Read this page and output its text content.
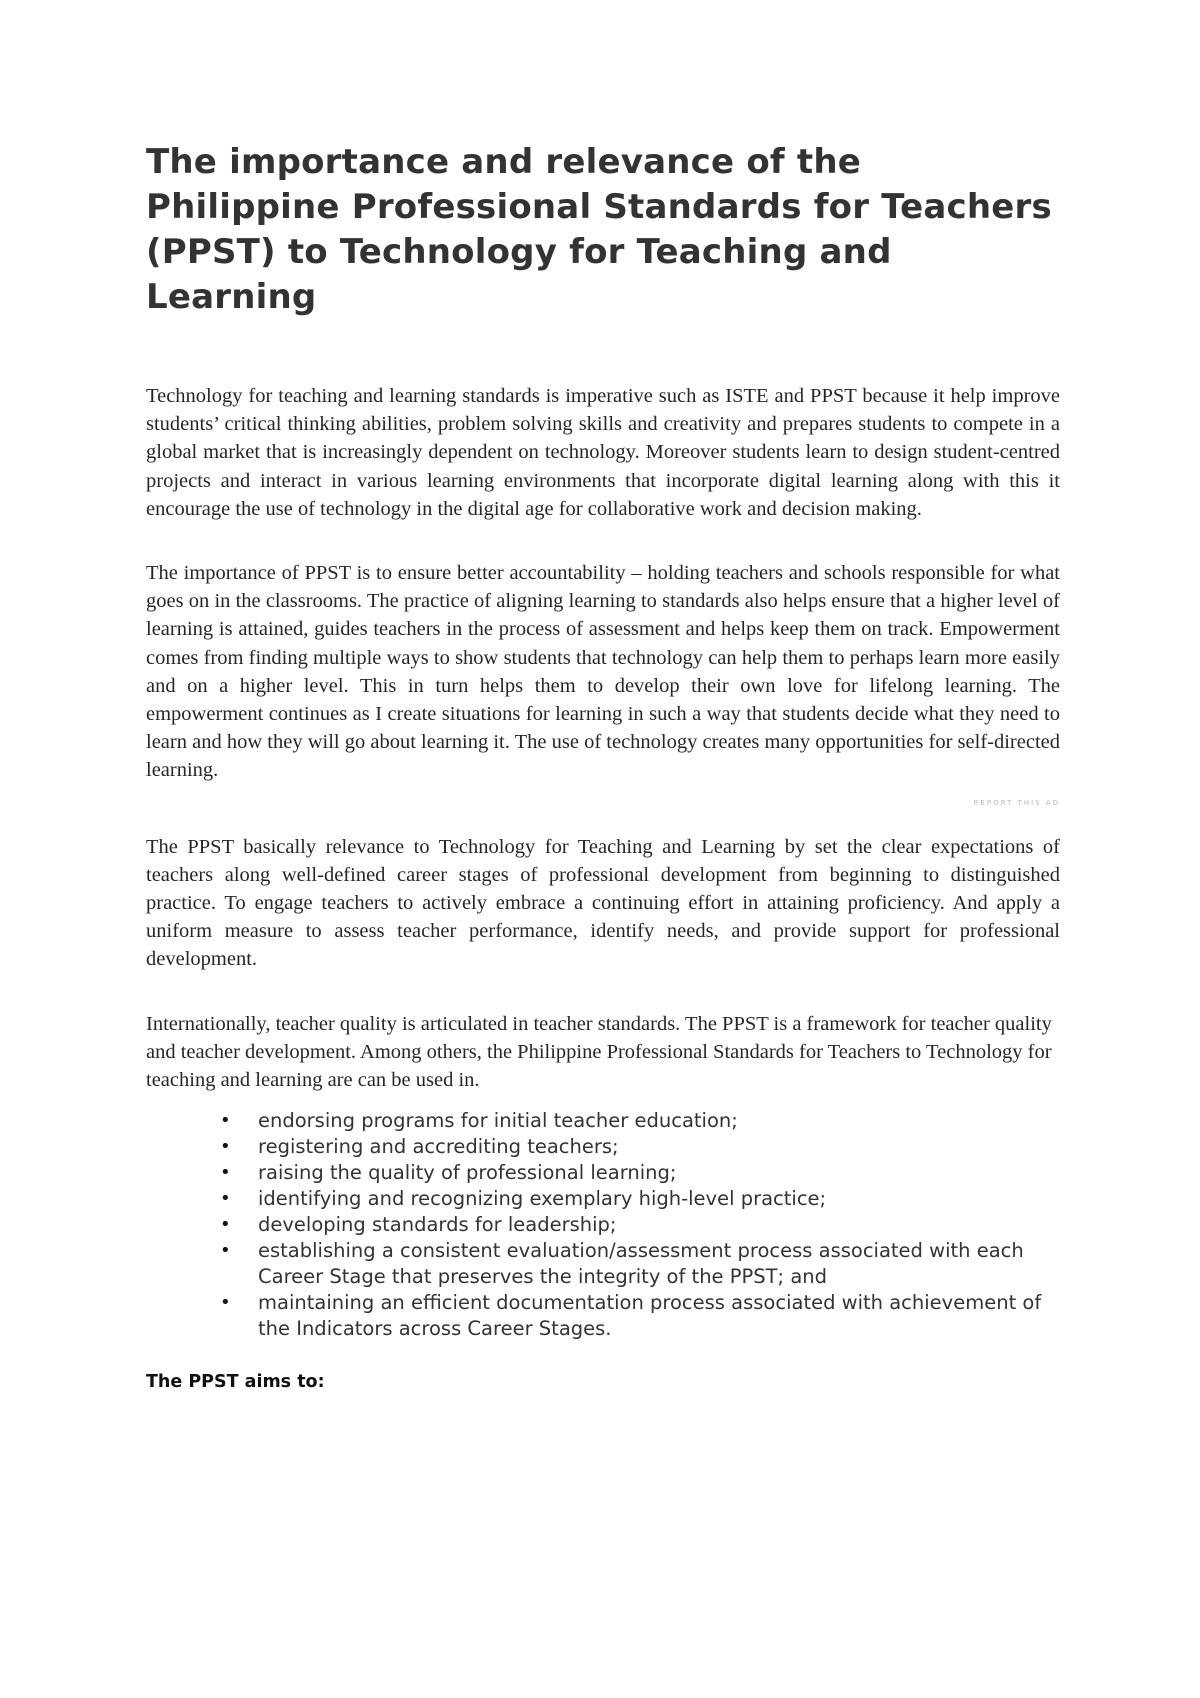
The importance and relevance of the Philippine Professional Standards for Teachers (PPST) to Technology for Teaching and Learning

Technology for teaching and learning standards is imperative such as ISTE and PPST because it help improve students’ critical thinking abilities, problem solving skills and creativity and prepares students to compete in a global market that is increasingly dependent on technology. Moreover students learn to design student-centred projects and interact in various learning environments that incorporate digital learning along with this it encourage the use of technology in the digital age for collaborative work and decision making.

The importance of PPST is to ensure better accountability – holding teachers and schools responsible for what goes on in the classrooms. The practice of aligning learning to standards also helps ensure that a higher level of learning is attained, guides teachers in the process of assessment and helps keep them on track. Empowerment comes from finding multiple ways to show students that technology can help them to perhaps learn more easily and on a higher level. This in turn helps them to develop their own love for lifelong learning. The empowerment continues as I create situations for learning in such a way that students decide what they need to learn and how they will go about learning it. The use of technology creates many opportunities for self-directed learning.

REPORT THIS AD

The PPST basically relevance to Technology for Teaching and Learning by set the clear expectations of teachers along well-defined career stages of professional development from beginning to distinguished practice. To engage teachers to actively embrace a continuing effort in attaining proficiency. And apply a uniform measure to assess teacher performance, identify needs, and provide support for professional development.

Internationally, teacher quality is articulated in teacher standards. The PPST is a framework for teacher quality and teacher development. Among others, the Philippine Professional Standards for Teachers to Technology for teaching and learning are can be used in.

• endorsing programs for initial teacher education;
• registering and accrediting teachers;
• raising the quality of professional learning;
• identifying and recognizing exemplary high-level practice;
• developing standards for leadership;
• establishing a consistent evaluation/assessment process associated with each Career Stage that preserves the integrity of the PPST; and
• maintaining an efficient documentation process associated with achievement of the Indicators across Career Stages.

The PPST aims to:
